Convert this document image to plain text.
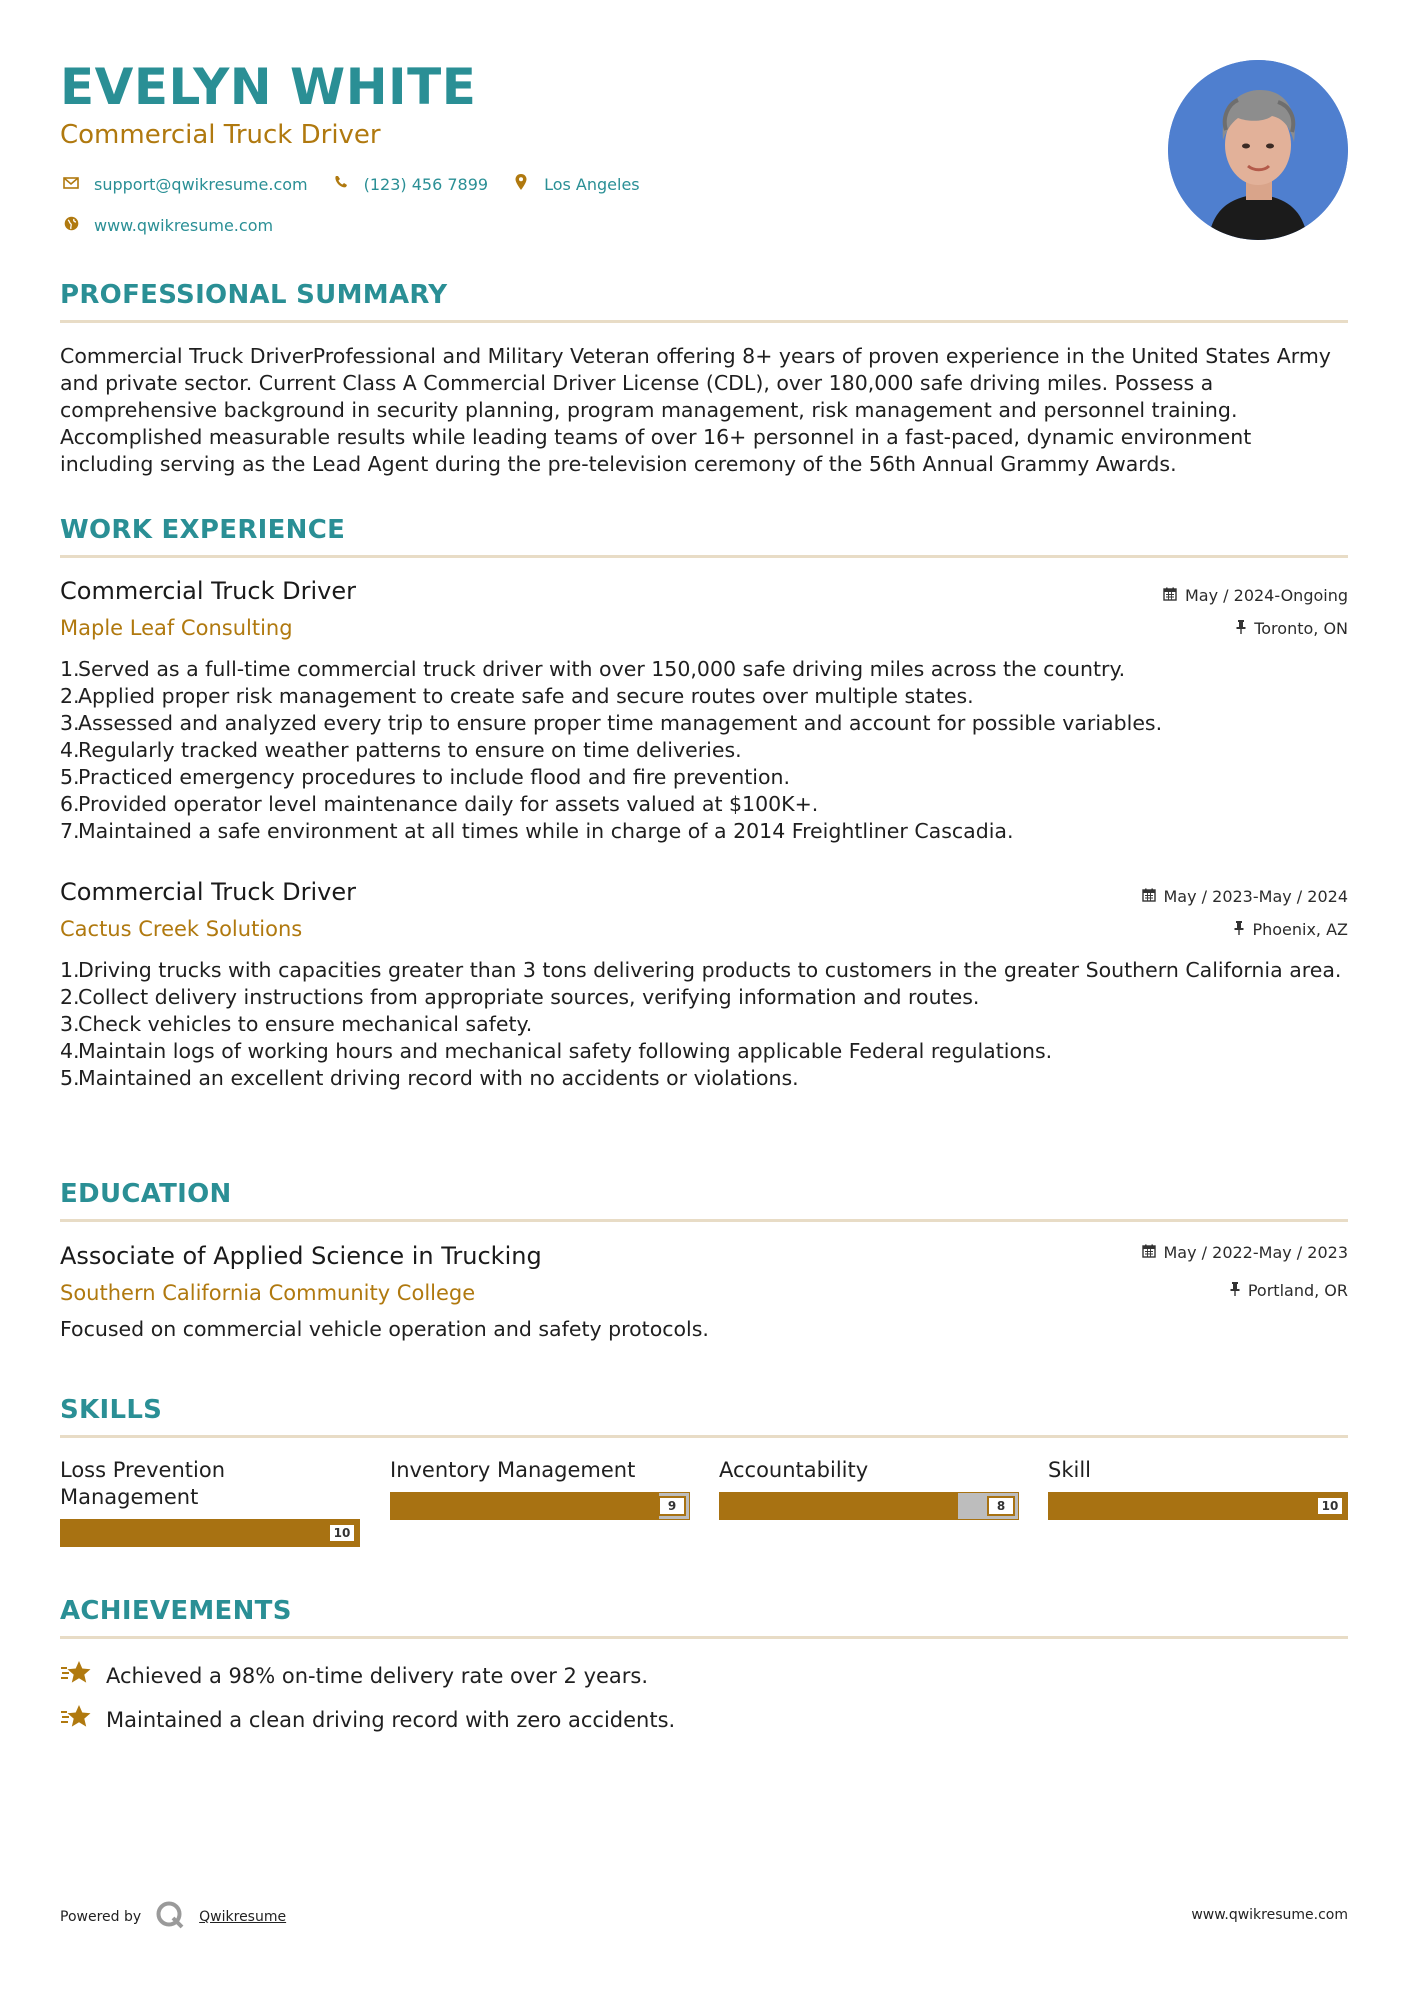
EVELYN WHITE
Commercial Truck Driver
support@qwikresume.com	(123) 456 7899	Los Angeles
www.qwikresume.com
PROFESSIONAL SUMMARY
Commercial Truck DriverProfessional and Military Veteran offering 8+ years of proven experience in the United States Army and private sector. Current Class A Commercial Driver License (CDL), over 180,000 safe driving miles. Possess a comprehensive background in security planning, program management, risk management and personnel training. Accomplished measurable results while leading teams of over 16+ personnel in a fast-paced, dynamic environment including serving as the Lead Agent during the pre-television ceremony of the 56th Annual Grammy Awards.
WORK EXPERIENCE
Commercial Truck Driver	May / 2024-Ongoing
Maple Leaf Consulting	Toronto, ON
1.
Served as a full-time commercial truck driver with over 150,000 safe driving miles across the country.
2.
Applied proper risk management to create safe and secure routes over multiple states.
3.
Assessed and analyzed every trip to ensure proper time management and account for possible variables.
4.
Regularly tracked weather patterns to ensure on time deliveries.
5.
Practiced emergency procedures to include flood and fire prevention.
6.
Provided operator level maintenance daily for assets valued at $100K+.
7.
Maintained a safe environment at all times while in charge of a 2014 Freightliner Cascadia.
Commercial Truck Driver	May / 2023-May / 2024
Cactus Creek Solutions	Phoenix, AZ
1.
Driving trucks with capacities greater than 3 tons delivering products to customers in the greater Southern California area.
2.
Collect delivery instructions from appropriate sources, verifying information and routes.
3.
Check vehicles to ensure mechanical safety.
4.
Maintain logs of working hours and mechanical safety following applicable Federal regulations.
5.
Maintained an excellent driving record with no accidents or violations.
EDUCATION
Associate of Applied Science in Trucking	May / 2022-May / 2023
Southern California Community College	Portland, OR
Focused on commercial vehicle operation and safety protocols.
SKILLS
Loss Prevention Management
10
Inventory Management
9
Accountability
8
Skill
10
ACHIEVEMENTS
Achieved a 98% on-time delivery rate over 2 years.
Maintained a clean driving record with zero accidents.
Powered by	Qwikresume	www.qwikresume.com
